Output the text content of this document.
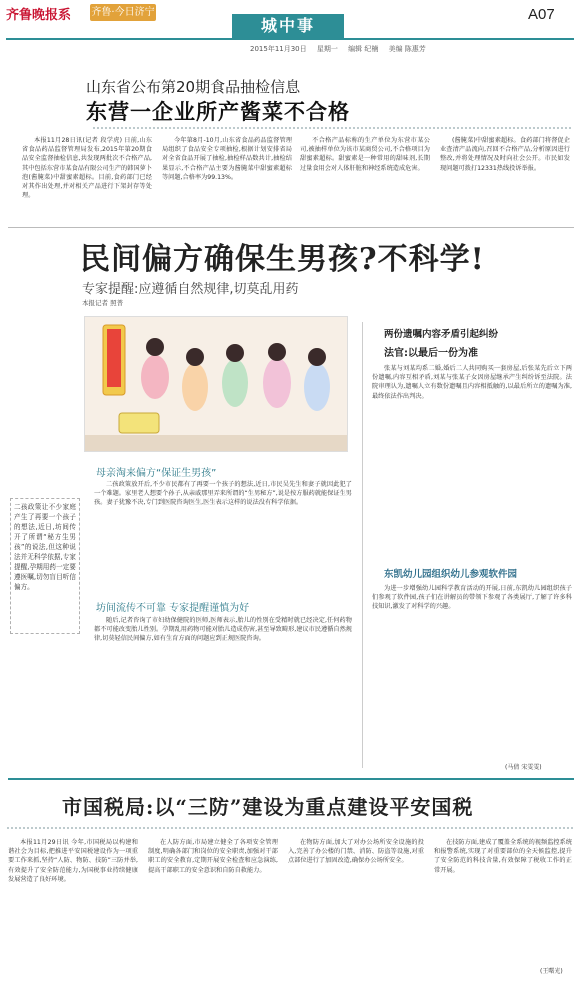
齐鲁晚报系 齐鲁·今日济宁
城中事
A07
2015年11月30日 星期一 编辑 纪楠 美编 陈惠芳
山东省公布第20期食品抽检信息
东营一企业所产酱菜不合格

本报11月28日讯(记者 段学虎) 日前,山东省食品药品监督管理局发布,2015年第20期食品安全监督抽检信息,共发现两批次不合格产品,其中包括东营市某食品有限公司生产的韩国萝卜泡(酱腌菜)中甜蜜素超标。目前,食药部门已经对其作出处理,并对相关产品进行下架封存等处理。

今年第8月-10月,山东省食品药品监督管理局组织了食品安全专项抽检,根据计划安排省局对全省食品开展了抽检,抽检样品数共计,抽检结果显示,不合格产品主要为酱腌菜中甜蜜素超标等问题,合格率为99.13%。

不合格产品标称的生产单位为东营市某公司,被抽样单位为该市某商贸公司,不合格项目为甜蜜素超标。甜蜜素是一种常用的甜味剂,长期过量食用会对人体肝脏和神经系统造成危害。

(酱腌菜)中甜蜜素超标。食药部门将督促企业查清产品流向,召回不合格产品,分析原因进行整改,并将处理情况及时向社会公开。市民如发现问题可拨打12331热线投诉举报。

民间偏方确保生男孩?不科学!
专家提醒:应遵循自然规律,切莫乱用药
本报记者 照普

二孩政策让不少家庭产生了再要一个孩子的想法,近日,坊间传开了所谓“秘方生男孩”的说法,但这种说法并无科学依据,专家提醒,孕期用药一定要遵医嘱,切勿盲目听信偏方。

母亲淘来偏方“保证生男孩”

二孩政策放开后,不少市民都有了再要一个孩子的想法,近日,市民吴先生和妻子就因此犯了一个难题。家里老人想要个孙子,从亲戚那里弄来所谓的“生男秘方”,说是按方服药就能保证生男孩。妻子犹豫不决,专门到医院咨询医生,医生表示这样的说法没有科学依据。

坊间流传不可靠 专家提醒谨慎为好

随后,记者咨询了市妇幼保健院的医师,医师表示,胎儿的性别在受精时就已经决定,任何药物都不可能改变胎儿性别。孕期乱用药物可能对胎儿造成伤害,甚至导致畸形,建议市民遵循自然规律,切莫轻信民间偏方,如有生育方面的问题应到正规医院咨询。

两份遗嘱内容矛盾引起纠纷
法官:以最后一份为准

张某与刘某均系二婚,婚后二人共同购买一套房屋,后张某先后立下两份遗嘱,内容互相矛盾,刘某与张某子女因房屋继承产生纠纷诉至法院。法院审理认为,遗嘱人立有数份遗嘱且内容相抵触的,以最后所立的遗嘱为准,最终依法作出判决。

东凯幼儿园组织幼儿参观软件园

为进一步增强幼儿园科学教育活动的开展,日前,东凯幼儿园组织孩子们参观了软件园,孩子们在讲解员的带领下参观了各类展厅,了解了许多科技知识,激发了对科学的兴趣。

(马倩 宋雯雯)
市国税局:以“三防”建设为重点建设平安国税

本报11月29日讯 今年,市国税局以构建和谐社会为目标,把推进平安国税建设作为一项重要工作来抓,坚持“人防、物防、技防”三防并举,有效提升了安全防范能力,为国税事业持续健康发展营造了良好环境。

在人防方面,市局建立健全了各项安全管理制度,明确各部门和岗位的安全职责,加强对干部职工的安全教育,定期开展安全检查和应急演练,提高干部职工的安全意识和自防自救能力。

在物防方面,加大了对办公场所安全设施的投入,完善了办公楼的门禁、消防、防盗等设施,对重点部位进行了加固改造,确保办公场所安全。

在技防方面,建成了覆盖全系统的视频监控系统和报警系统,实现了对重要部位的全天候监控,提升了安全防范的科技含量,有效保障了税收工作的正常开展。

(王曙光)
